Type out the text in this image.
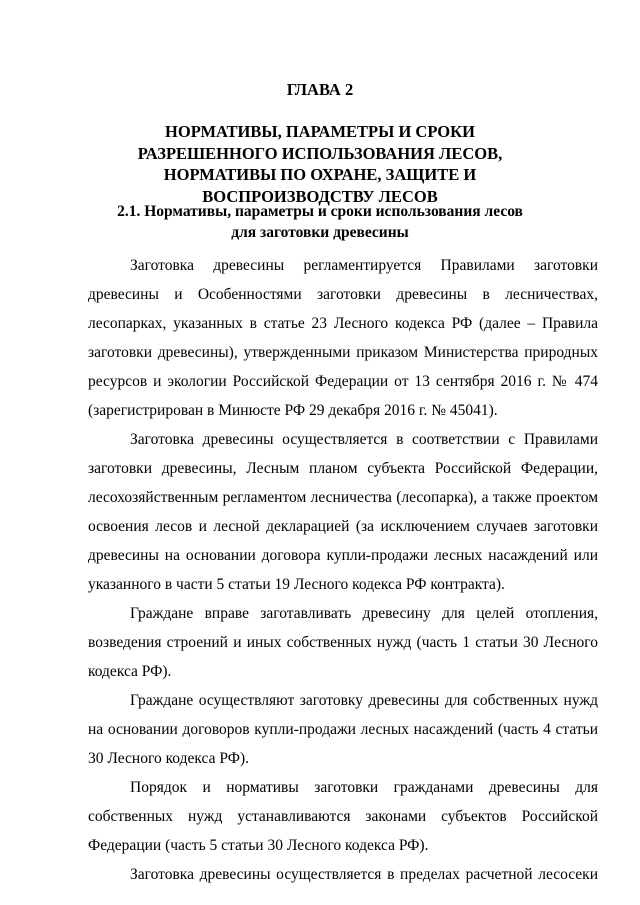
ГЛАВА 2
НОРМАТИВЫ, ПАРАМЕТРЫ И СРОКИ РАЗРЕШЕННОГО ИСПОЛЬЗОВАНИЯ ЛЕСОВ, НОРМАТИВЫ ПО ОХРАНЕ, ЗАЩИТЕ И ВОСПРОИЗВОДСТВУ ЛЕСОВ
2.1. Нормативы, параметры и сроки использования лесов для заготовки древесины

Заготовка древесины регламентируется Правилами заготовки древесины и Особенностями заготовки древесины в лесничествах, лесопарках, указанных в статье 23 Лесного кодекса РФ (далее – Правила заготовки древесины), утвержденными приказом Министерства природных ресурсов и экологии Российской Федерации от 13 сентября 2016 г. № 474 (зарегистрирован в Минюсте РФ 29 декабря 2016 г. № 45041).

Заготовка древесины осуществляется в соответствии с Правилами заготовки древесины, Лесным планом субъекта Российской Федерации, лесохозяйственным регламентом лесничества (лесопарка), а также проектом освоения лесов и лесной декларацией (за исключением случаев заготовки древесины на основании договора купли-продажи лесных насаждений или указанного в части 5 статьи 19 Лесного кодекса РФ контракта).

Граждане вправе заготавливать древесину для целей отопления, возведения строений и иных собственных нужд (часть 1 статьи 30 Лесного кодекса РФ).

Граждане осуществляют заготовку древесины для собственных нужд на основании договоров купли-продажи лесных насаждений (часть 4 статьи 30 Лесного кодекса РФ).

Порядок и нормативы заготовки гражданами древесины для собственных нужд устанавливаются законами субъектов Российской Федерации (часть 5 статьи 30 Лесного кодекса РФ).

Заготовка древесины осуществляется в пределах расчетной лесосеки
